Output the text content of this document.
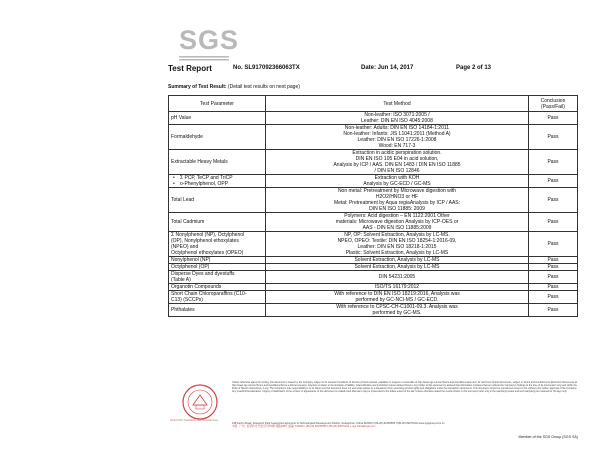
SGS
Test Report	No. SL917092366063TX	Date: Jun 14, 2017	Page 2 of 13
Summary of Test Result: (Detail test results on next page)
Test Parameter	Test Method	Conclusion
(Pass/Fail)

pH Value	Non-leather: ISO 3071:2005 /
Leather: DIN EN ISO 4045:2008	Pass

Formaldehyde	Non-leather: Adults: DIN EN ISO 14184-1:2011
Non-leather: Infants: JIS L1041:2011 (Method A)
Leather: DIN EN ISO 17226-1:2008
Wood: EN 717-3	Pass

Extractable Heavy Metals	Extraction in acidic perspiration solution.
DIN EN ISO 105 E04 in acid solution,
Analysis by ICP / AAS. DIN EN 1483 / DIN EN ISO 11885
/ DIN EN ISO 12846	Pass

Σ PCP, TeCP and TriCP
•
o-Phenylphenol, OPP
•	Extraction with KOH
Analysis by GC-ECD / GC-MS	Pass

Total Lead	Non metal: Pretreatment by Microwave digestion with
H2O2/HNO3 or HF
Metal: Pretreatment by Aqua regiaAnalysis by ICP / AAS:
DIN EN ISO 11885: 2009	Pass

Total Cadmium	Polymers: Acid digestion – EN 1122:2001 Other
materials: Microwave digestion Analysis by ICP-OES or
AAS - DIN EN ISO 11885:2009	Pass

Σ Nonylphenol (NP), Octylphenol
(OP), Nonylphenol ethoxylates
(NPEO) and
Octylphenol ethoxylates (OPEO)	NP, OP: Solvent Extraction, Analysis by LC-MS.
NPEO, OPEO: Textile: DIN EN ISO 18254-1:2016-09,
Leather: DIN EN ISO 18218-1:2015
Plastic: Solvent Extraction, Analysis by LC-MS	Pass

Nonylphenol (NP)	Solvent Extraction, Analysis by LC-MS	Pass

Octylphenol (OP)	Solvent Extraction, Analysis by LC-MS	Pass

Disperse Dyes and dyestuffs
(Table A)	DIN 54231:2005	Pass

Organotin Compounds	ISO/TS 16179:2012	Pass

Short Chain Chloroparaffins (C10-
C13) (SCCPs)	With reference to DIN EN ISO 18219:2016, Analysis was
performed by GC-NCI-MS / GC-ECD.	Pass

Phthalates	With reference to CPSC-CH-C1001-09.3. Analysis was
performed by GC-MS.	Pass
SGS-CSTC Standards Technical Services
Unless otherwise agreed in writing, this document is issued by the Company subject to its General Conditions of Service printed overleaf, available on request or accessible at http://www.sgs.com/en/Terms-and-Conditions.aspx and, for electronic format documents, subject to Terms and Conditions for Electronic Documents at http://www.sgs.com/en/Terms-and-Conditions/Terms-e-Document.aspx. Attention is drawn to the limitation of liability, indemnification and jurisdiction issues defined therein. Any holder of this document is advised that information contained hereon reflects the Company's findings at the time of its intervention only and within the limits of Client's instructions, if any. The Company's sole responsibility is to its Client and this document does not exonerate parties to a transaction from exercising all their rights and obligations under the transaction documents. This document cannot be reproduced except in full, without prior written approval of the Company. Any unauthorized alteration, forgery or falsification of the content or appearance of this document is unlawful and offenders may be prosecuted to the fullest extent of the law. Unless otherwise stated the results shown in this test report refer only to the sample(s) tested and such sample(s) are retained for 30 days only.
198 Kezhu Road, Scientech Park Guangzhou Economic & Technological Development District, Guangzhou, China 510663 t (86-20) 82155555 f (86-20) 82075191 www.sgsgroup.com.cn
中国 · 广州 · 经济技术开发区科学城科珠路198号 邮编: 510663 t (86-20) 82155555 f (86-20) 82075191 e sgs.china@sgs.com
Member of the SGS Group (SGS SA)
